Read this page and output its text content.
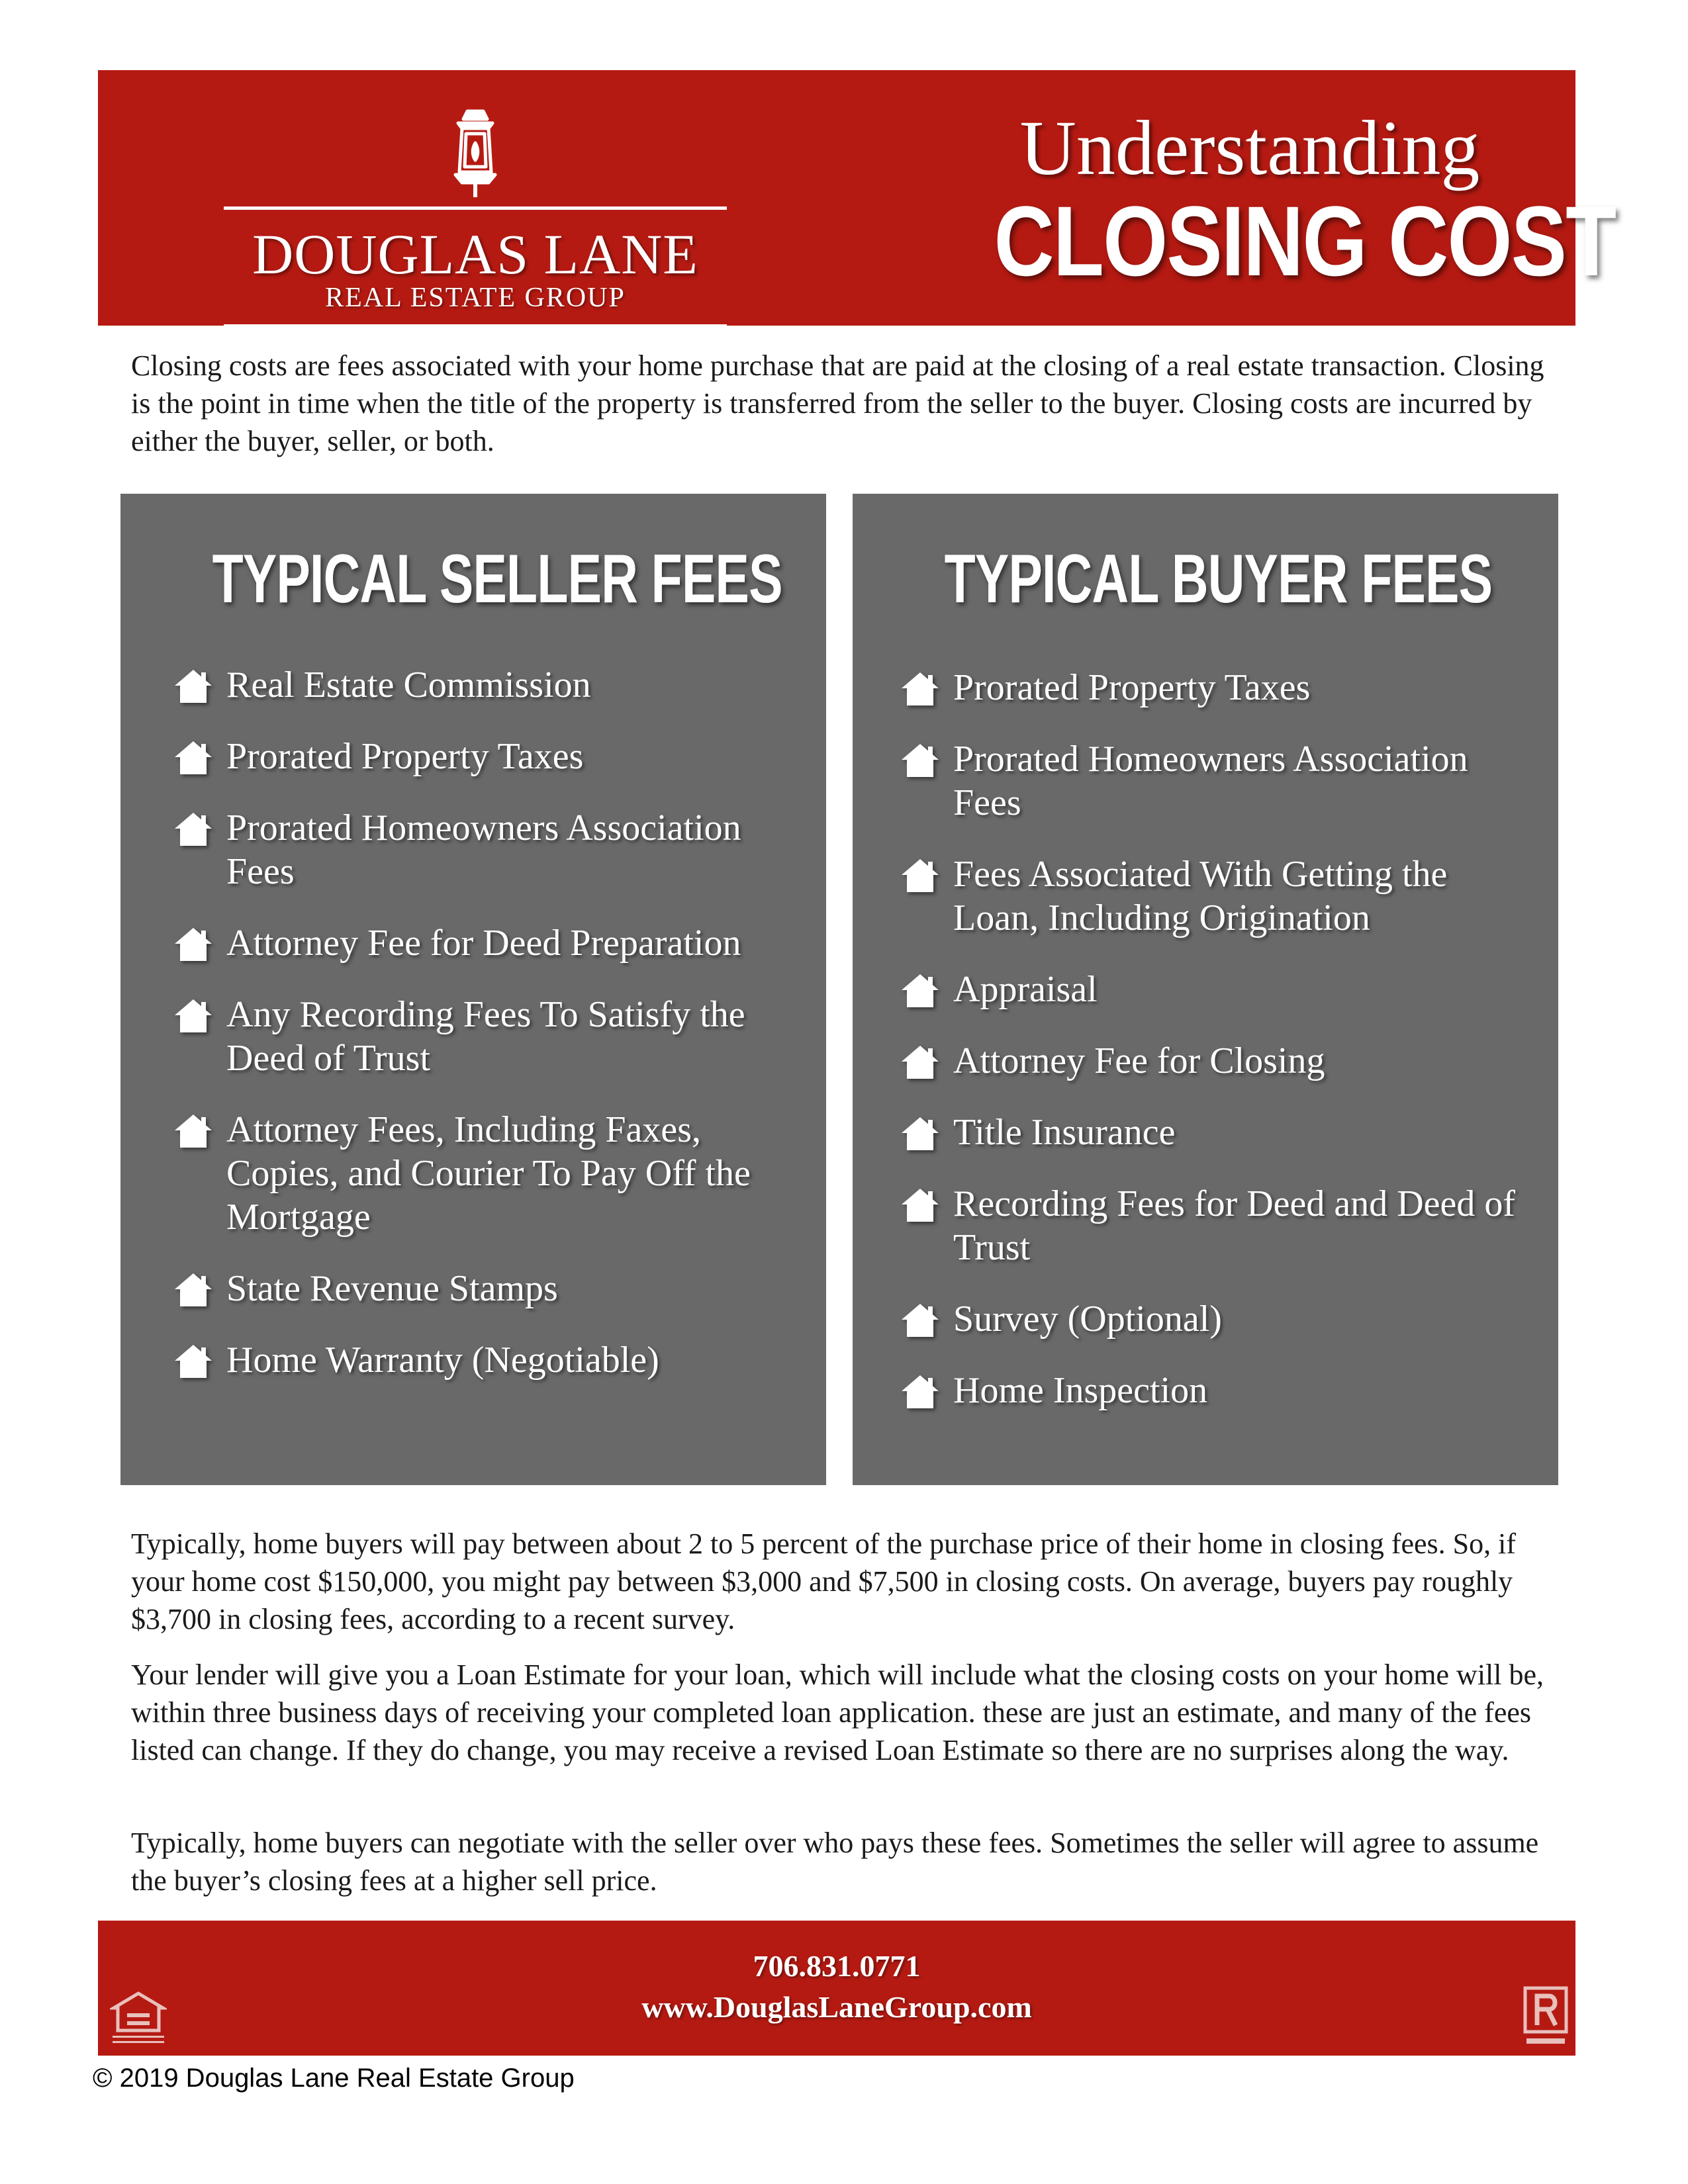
DOUGLAS LANE
REAL ESTATE GROUP
Understanding
CLOSING COST

Closing costs are fees associated with your home purchase that are paid at the closing of a real estate transaction. Closing is the point in time when the title of the property is transferred from the seller to the buyer. Closing costs are incurred by either the buyer, seller, or both.

TYPICAL SELLER FEES
Real Estate Commission
Prorated Property Taxes
Prorated Homeowners Association Fees
Attorney Fee for Deed Preparation
Any Recording Fees To Satisfy the Deed of Trust
Attorney Fees, Including Faxes, Copies, and Courier To Pay Off the Mortgage
State Revenue Stamps
Home Warranty (Negotiable)
TYPICAL BUYER FEES
Prorated Property Taxes
Prorated Homeowners Association Fees
Fees Associated With Getting the Loan, Including Origination
Appraisal
Attorney Fee for Closing
Title Insurance
Recording Fees for Deed and Deed of Trust
Survey (Optional)
Home Inspection

Typically, home buyers will pay between about 2 to 5 percent of the purchase price of their home in closing fees. So, if your home cost $150,000, you might pay between $3,000 and $7,500 in closing costs. On average, buyers pay roughly $3,700 in closing fees, according to a recent survey.

Your lender will give you a Loan Estimate for your loan, which will include what the closing costs on your home will be, within three business days of receiving your completed loan application. these are just an estimate, and many of the fees listed can change. If they do change, you may receive a revised Loan Estimate so there are no surprises along the way.

Typically, home buyers can negotiate with the seller over who pays these fees. Sometimes the seller will agree to assume the buyer’s closing fees at a higher sell price.

706.831.0771
www.DouglasLaneGroup.com
© 2019 Douglas Lane Real Estate Group
